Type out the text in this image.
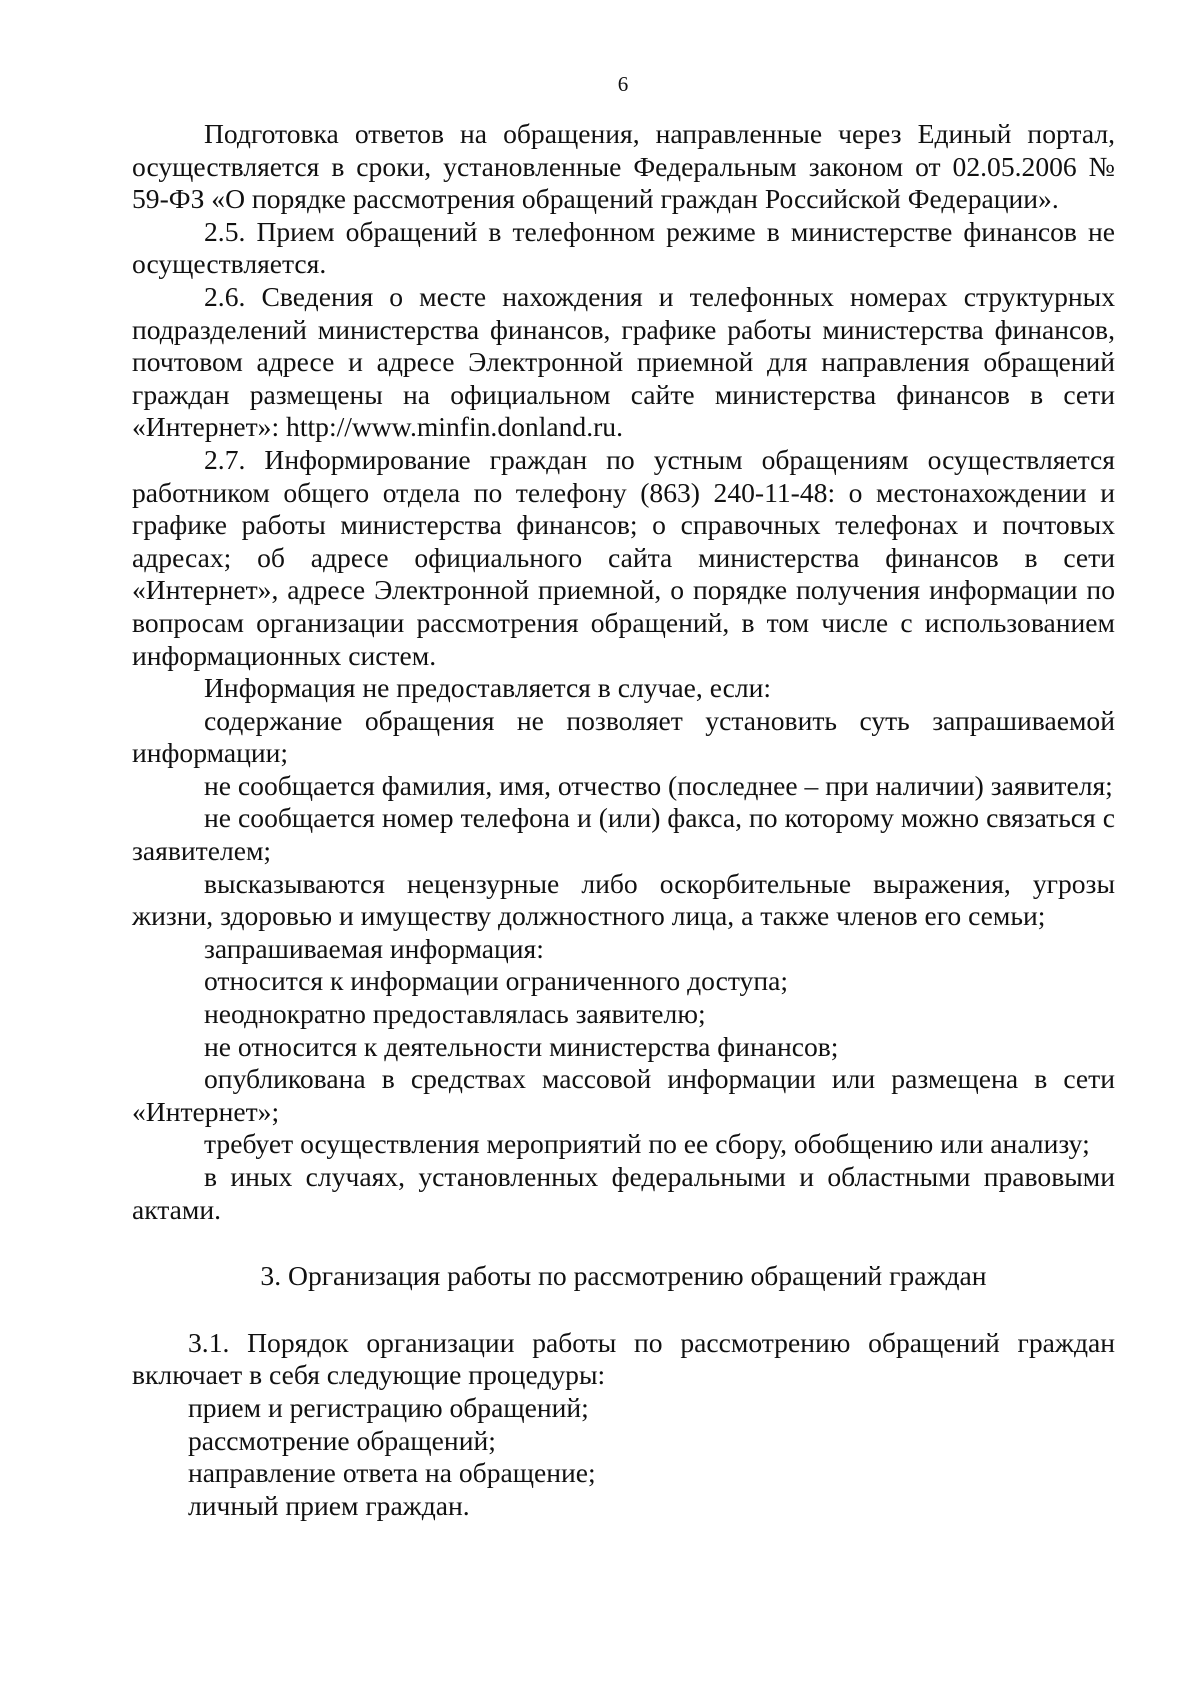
6

Подготовка ответов на обращения, направленные через Единый портал, осуществляется в сроки, установленные Федеральным законом от 02.05.2006 № 59-ФЗ «О порядке рассмотрения обращений граждан Российской Федерации».

2.5. Прием обращений в телефонном режиме в министерстве финансов не осуществляется.

2.6. Сведения о месте нахождения и телефонных номерах структурных подразделений министерства финансов, графике работы министерства финансов, почтовом адресе и адресе Электронной приемной для направления обращений граждан размещены на официальном сайте министерства финансов в сети «Интернет»: http://www.minfin.donland.ru.

2.7. Информирование граждан по устным обращениям осуществляется работником общего отдела по телефону (863) 240-11-48: о местонахождении и графике работы министерства финансов; о справочных телефонах и почтовых адресах; об адресе официального сайта министерства финансов в сети «Интернет», адресе Электронной приемной, о порядке получения информации по вопросам организации рассмотрения обращений, в том числе с использованием информационных систем.

Информация не предоставляется в случае, если:

содержание обращения не позволяет установить суть запрашиваемой информации;

не сообщается фамилия, имя, отчество (последнее – при наличии) заявителя;

не сообщается номер телефона и (или) факса, по которому можно связаться с заявителем;

высказываются нецензурные либо оскорбительные выражения, угрозы жизни, здоровью и имуществу должностного лица, а также членов его семьи;

запрашиваемая информация:

относится к информации ограниченного доступа;

неоднократно предоставлялась заявителю;

не относится к деятельности министерства финансов;

опубликована в средствах массовой информации или размещена в сети «Интернет»;

требует осуществления мероприятий по ее сбору, обобщению или анализу;

в иных случаях, установленных федеральными и областными правовыми актами.

3. Организация работы по рассмотрению обращений граждан

3.1. Порядок организации работы по рассмотрению обращений граждан включает в себя следующие процедуры:

прием и регистрацию обращений;

рассмотрение обращений;

направление ответа на обращение;

личный прием граждан.
